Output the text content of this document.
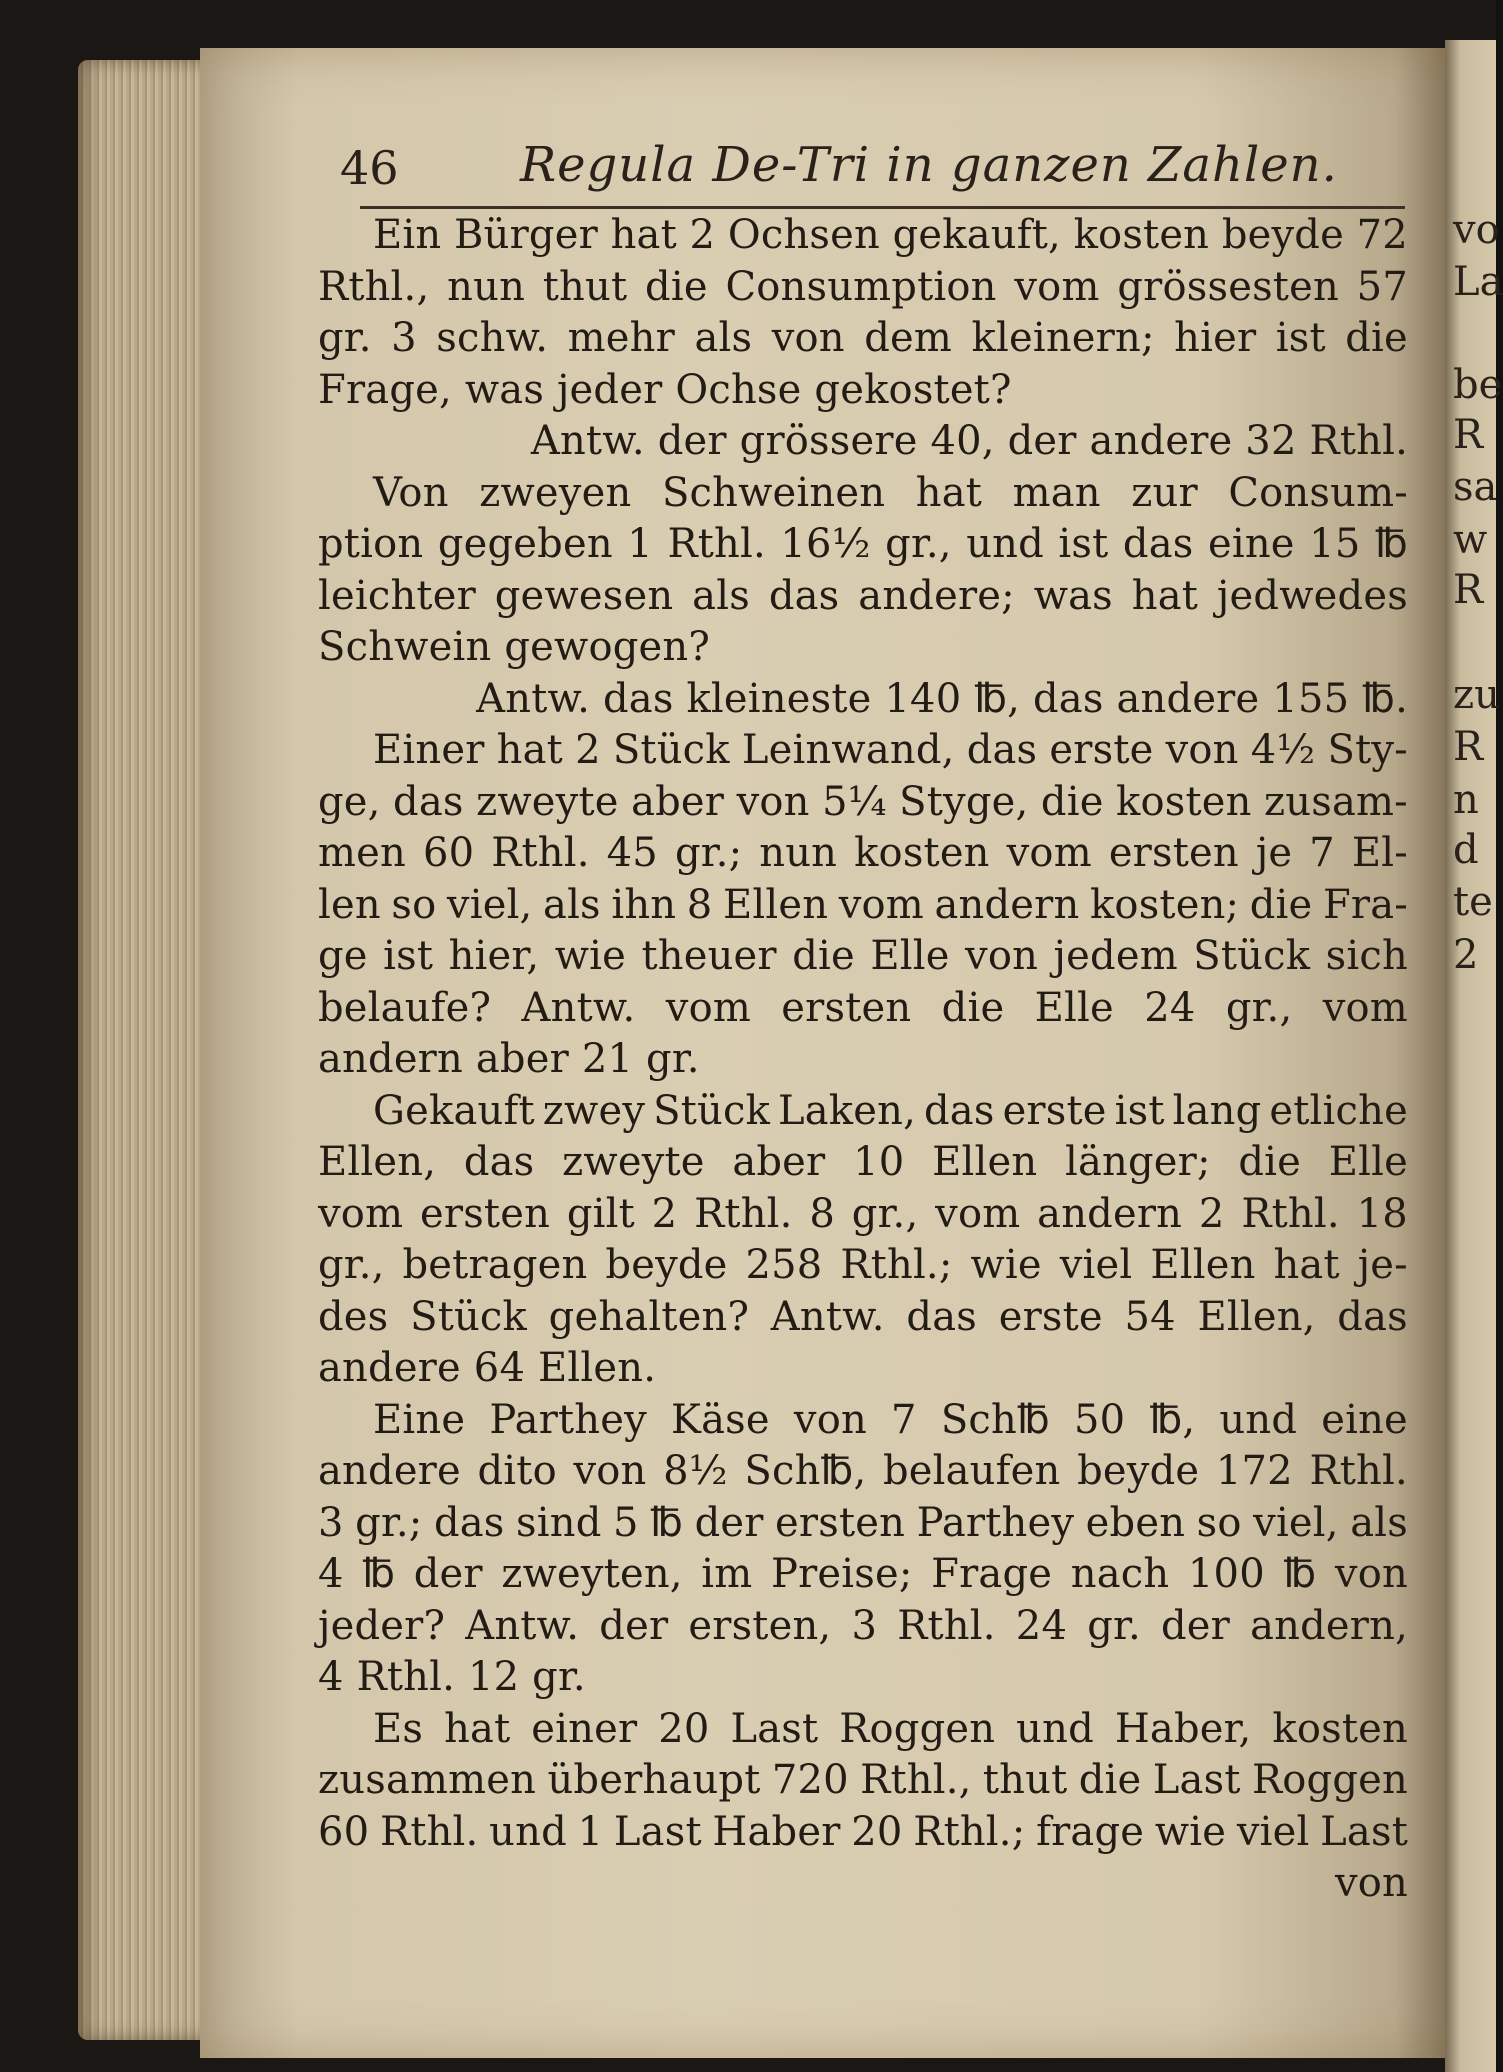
vo
La
be
R
sa
w
R
zu
R
n
d
te
2
46	Regula De-Tri in ganzen Zahlen.
Ein Bürger hat 2 Ochsen gekauft, kosten beyde 72
Rthl., nun thut die Consumption vom grössesten 57
gr. 3 schw. mehr als von dem kleinern; hier ist die
Frage, was jeder Ochse gekostet?
Antw. der grössere 40, der andere 32 Rthl.
Von zweyen Schweinen hat man zur Consum-
ption gegeben 1 Rthl. 16½ gr., und ist das eine 15 ℔
leichter gewesen als das andere; was hat jedwedes
Schwein gewogen?
Antw. das kleineste 140 ℔, das andere 155 ℔.
Einer hat 2 Stück Leinwand, das erste von 4½ Sty-
ge, das zweyte aber von 5¼ Styge, die kosten zusam-
men 60 Rthl. 45 gr.; nun kosten vom ersten je 7 El-
len so viel, als ihn 8 Ellen vom andern kosten; die Fra-
ge ist hier, wie theuer die Elle von jedem Stück sich
belaufe? Antw. vom ersten die Elle 24 gr., vom
andern aber 21 gr.
Gekauft zwey Stück Laken, das erste ist lang etliche
Ellen, das zweyte aber 10 Ellen länger; die Elle
vom ersten gilt 2 Rthl. 8 gr., vom andern 2 Rthl. 18
gr., betragen beyde 258 Rthl.; wie viel Ellen hat je-
des Stück gehalten? Antw. das erste 54 Ellen, das
andere 64 Ellen.
Eine Parthey Käse von 7 Sch℔ 50 ℔, und eine
andere dito von 8½ Sch℔, belaufen beyde 172 Rthl.
3 gr.; das sind 5 ℔ der ersten Parthey eben so viel, als
4 ℔ der zweyten, im Preise; Frage nach 100 ℔ von
jeder? Antw. der ersten, 3 Rthl. 24 gr. der andern,
4 Rthl. 12 gr.
Es hat einer 20 Last Roggen und Haber, kosten
zusammen überhaupt 720 Rthl., thut die Last Roggen
60 Rthl. und 1 Last Haber 20 Rthl.; frage wie viel Last
von
